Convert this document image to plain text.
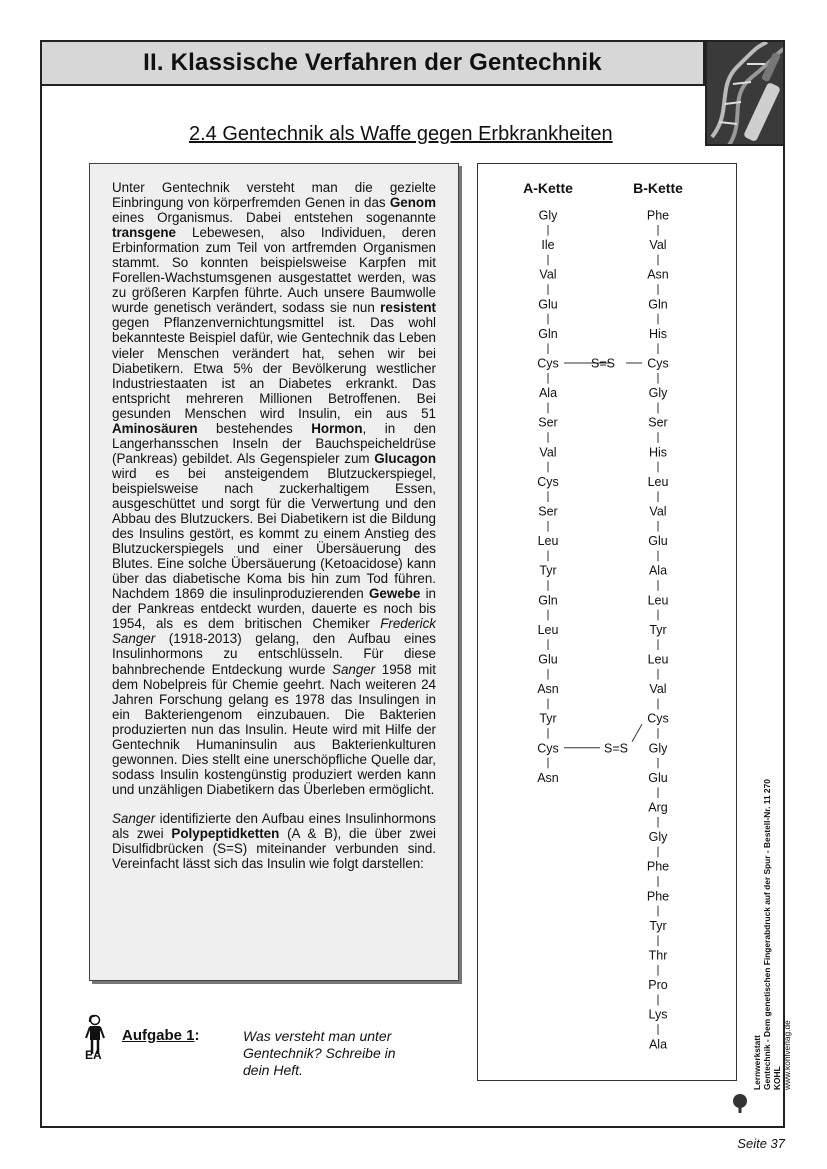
II. Klassische Verfahren der Gentechnik
2.4 Gentechnik als Waffe gegen Erbkrankheiten

Unter Gentechnik versteht man die gezielte Einbringung von körperfremden Genen in das Genom eines Organismus. Dabei entstehen sogenannte transgene Lebewesen, also Individuen, deren Erbinformation zum Teil von artfremden Organismen stammt. So konnten beispielsweise Karpfen mit Forellen-Wachstumsgenen ausgestattet werden, was zu größeren Karpfen führte. Auch unsere Baumwolle wurde genetisch verändert, sodass sie nun resistent gegen Pflanzenvernichtungsmittel ist. Das wohl bekannteste Beispiel dafür, wie Gentechnik das Leben vieler Menschen verändert hat, sehen wir bei Diabetikern. Etwa 5% der Bevölkerung westlicher Industriestaaten ist an Diabetes erkrankt. Das entspricht mehreren Millionen Betroffenen. Bei gesunden Menschen wird Insulin, ein aus 51 Aminosäuren bestehendes Hormon, in den Langerhansschen Inseln der Bauchspeicheldrüse (Pankreas) gebildet. Als Gegenspieler zum Glucagon wird es bei ansteigendem Blutzuckerspiegel, beispielsweise nach zuckerhaltigem Essen, ausgeschüttet und sorgt für die Verwertung und den Abbau des Blutzuckers. Bei Diabetikern ist die Bildung des Insulins gestört, es kommt zu einem Anstieg des Blutzuckerspiegels und einer Übersäuerung des Blutes. Eine solche Übersäuerung (Ketoacidose) kann über das diabetische Koma bis hin zum Tod führen. Nachdem 1869 die insulinproduzierenden Gewebe in der Pankreas entdeckt wurden, dauerte es noch bis 1954, als es dem britischen Chemiker Frederick Sanger (1918-2013) gelang, den Aufbau eines Insulinhormons zu entschlüsseln. Für diese bahnbrechende Entdeckung wurde Sanger 1958 mit dem Nobelpreis für Chemie geehrt. Nach weiteren 24 Jahren Forschung gelang es 1978 das Insulingen in ein Bakteriengenom einzubauen. Die Bakterien produzierten nun das Insulin. Heute wird mit Hilfe der Gentechnik Humaninsulin aus Bakterienkulturen gewonnen. Dies stellt eine unerschöpfliche Quelle dar, sodass Insulin kostengünstig produziert werden kann und unzähligen Diabetikern das Überleben ermöglicht.

Sanger identifizierte den Aufbau eines Insulinhormons als zwei Polypeptidketten (A & B), die über zwei Disulfidbrücken (S=S) miteinander verbunden sind. Vereinfacht lässt sich das Insulin wie folgt darstellen:

A-Kette	B-Kette
Gly
Ile
Val
Glu
Gln
Cys
Ala
Ser
Val
Cys
Ser
Leu
Tyr
Gln
Leu
Glu
Asn
Tyr
Cys
Asn
Phe
Val
Asn
Gln
His
Cys
Gly
Ser
His
Leu
Val
Glu
Ala
Leu
Tyr
Leu
Val
Cys
Gly
Glu
Arg
Gly
Phe
Phe
Tyr
Thr
Pro
Lys
Ala
S=S
S=S
EA
Aufgabe 1:	Was versteht man unter Gentechnik? Schreibe in dein Heft.	Lernwerkstatt Gentechnik - Dem genetischen Fingerabdruck auf der Spur - Bestell-Nr. 11 270 KOHL www.kohlverlag.de
Seite 37
